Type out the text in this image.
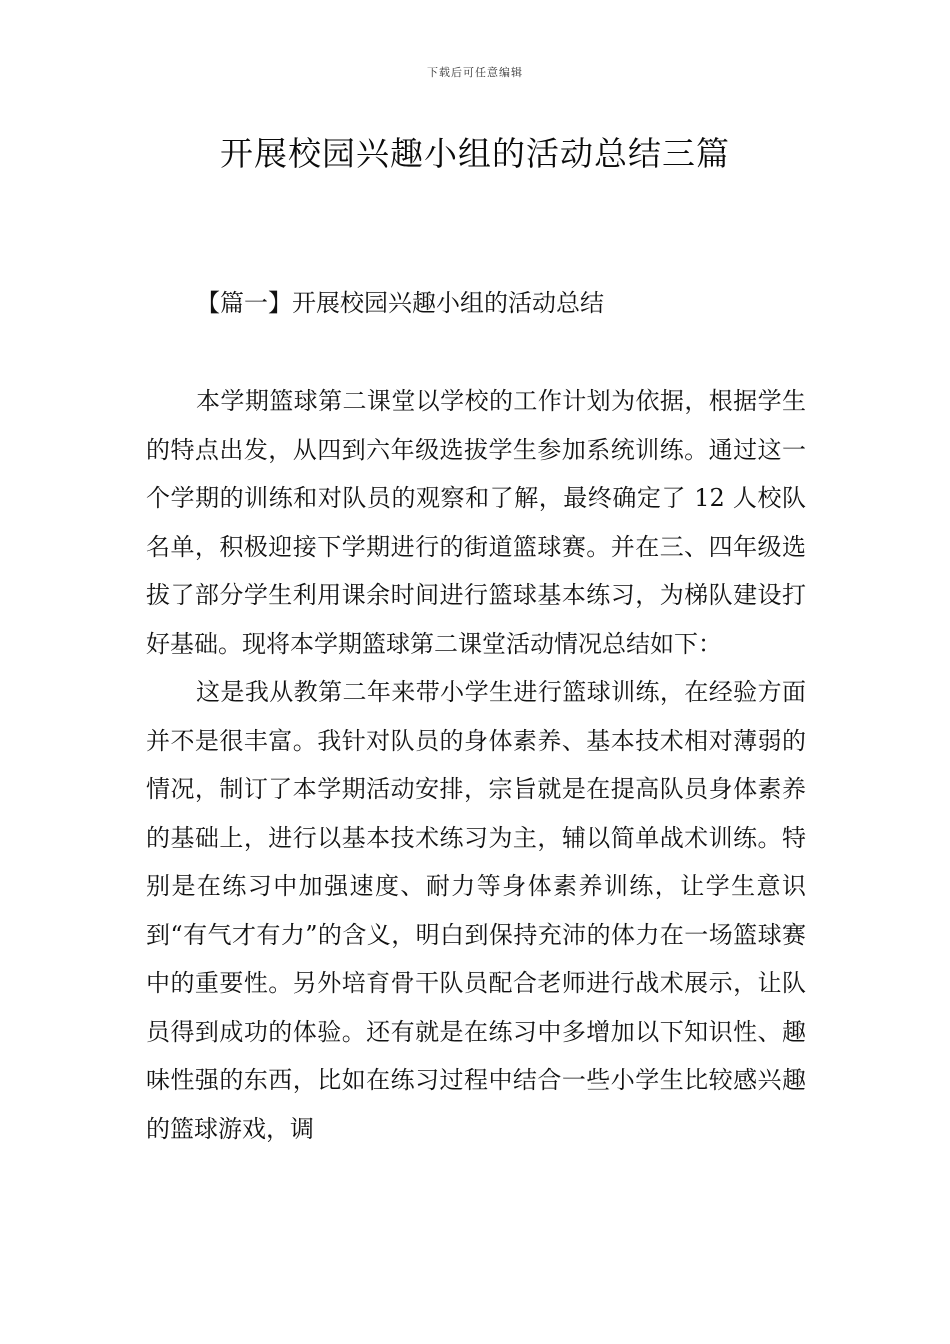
下载后可任意编辑
开展校园兴趣小组的活动总结三篇
【篇一】开展校园兴趣小组的活动总结

本学期篮球第二课堂以学校的工作计划为依据，根据学生的特点出发，从四到六年级选拔学生参加系统训练。通过这一个学期的训练和对队员的观察和了解，最终确定了 12 人校队名单，积极迎接下学期进行的街道篮球赛。并在三、四年级选拔了部分学生利用课余时间进行篮球基本练习，为梯队建设打好基础。现将本学期篮球第二课堂活动情况总结如下：

这是我从教第二年来带小学生进行篮球训练，在经验方面并不是很丰富。我针对队员的身体素养、基本技术相对薄弱的情况，制订了本学期活动安排，宗旨就是在提高队员身体素养的基础上，进行以基本技术练习为主，辅以简单战术训练。特别是在练习中加强速度、耐力等身体素养训练，让学生意识到“有气才有力”的含义，明白到保持充沛的体力在一场篮球赛中的重要性。另外培育骨干队员配合老师进行战术展示，让队员得到成功的体验。还有就是在练习中多增加以下知识性、趣味性强的东西，比如在练习过程中结合一些小学生比较感兴趣的篮球游戏，调
